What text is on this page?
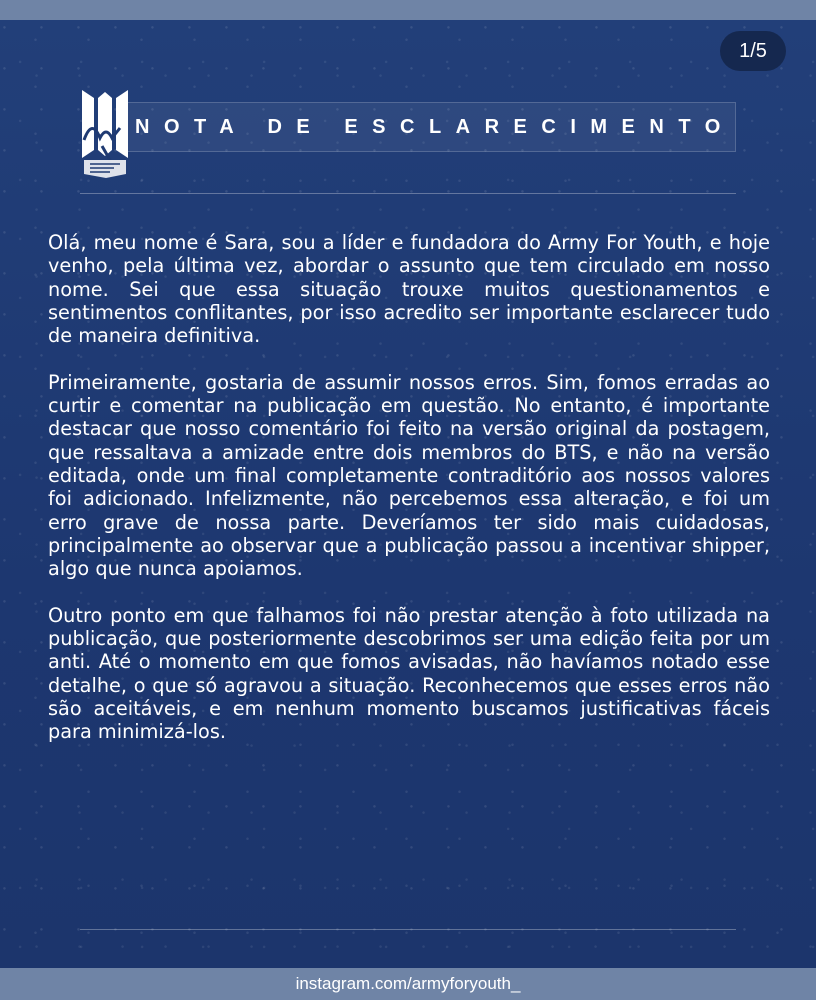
1/5
NOTA DE ESCLARECIMENTO

Olá, meu nome é Sara, sou a líder e fundadora do Army For Youth, e hoje venho, pela última vez, abordar o assunto que tem circulado em nosso nome. Sei que essa situação trouxe muitos questionamentos e sentimentos conflitantes, por isso acredito ser importante esclarecer tudo de maneira definitiva.

Primeiramente, gostaria de assumir nossos erros. Sim, fomos erradas ao curtir e comentar na publicação em questão. No entanto, é importante destacar que nosso comentário foi feito na versão original da postagem, que ressaltava a amizade entre dois membros do BTS, e não na versão editada, onde um final completamente contraditório aos nossos valores foi adicionado. Infelizmente, não percebemos essa alteração, e foi um erro grave de nossa parte. Deveríamos ter sido mais cuidadosas, principalmente ao observar que a publicação passou a incentivar shipper, algo que nunca apoiamos.

Outro ponto em que falhamos foi não prestar atenção à foto utilizada na publicação, que posteriormente descobrimos ser uma edição feita por um anti. Até o momento em que fomos avisadas, não havíamos notado esse detalhe, o que só agravou a situação. Reconhecemos que esses erros não são aceitáveis, e em nenhum momento buscamos justificativas fáceis para minimizá-los.

instagram.com/armyforyouth_
